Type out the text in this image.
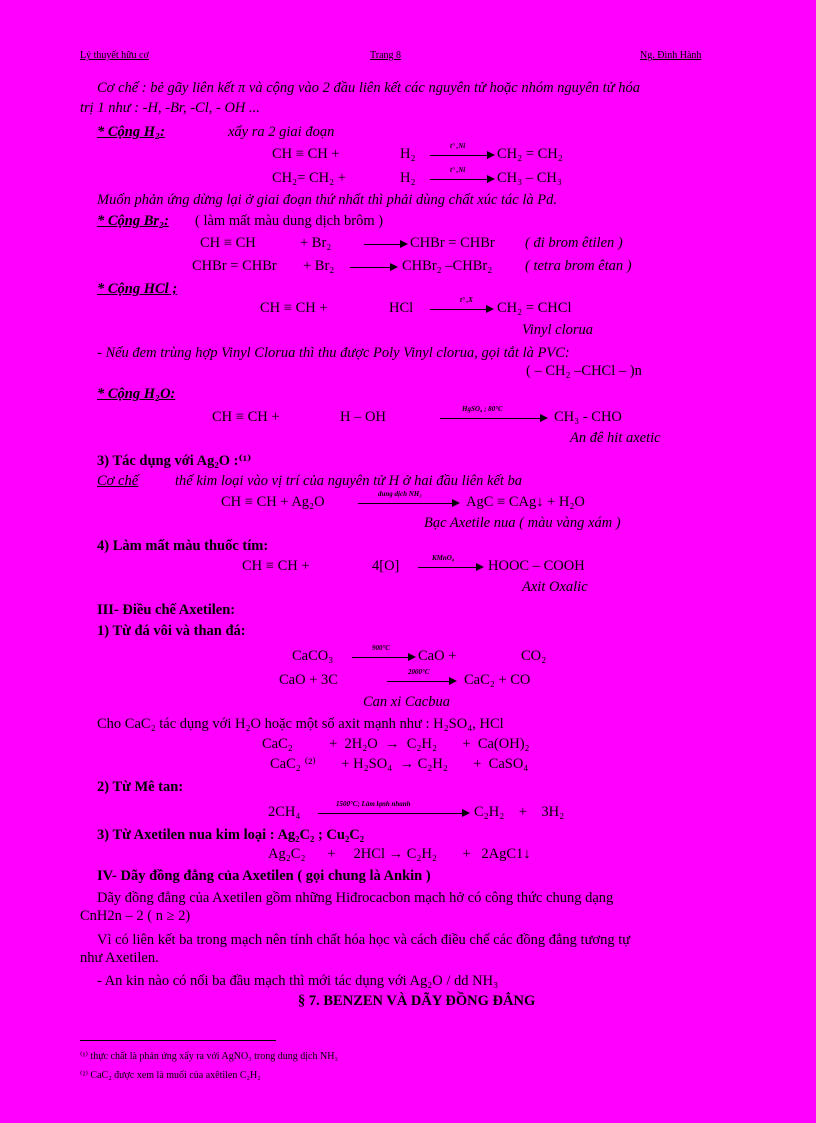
Lý thuyết hữu cơ	Trang 8	Ng. Đình Hành
Cơ chế : bẻ gãy liên kết π và cộng vào 2 đầu liên kết các nguyên tử hoặc nhóm nguyên tử hóa
trị 1 như : -H, -Br, -Cl, - OH ...
* Cộng H₂:	xẩy ra 2 giai đoạn
CH ≡ CH +	H₂	t° ,Ni CH₂ = CH₂
CH₂= CH₂ +	H₂	t° ,Ni CH₃ – CH₃
Muốn phản ứng dừng lại ở giai đoạn thứ nhất thì phải dùng chất xúc tác là Pd.
* Cộng Br₂: ( làm mất màu dung dịch brôm )
CH ≡ CH	+ Br₂	CHBr = CHBr ( đi brom êtilen )
CHBr = CHBr + Br₂	CHBr₂ –CHBr₂ ( tetra brom êtan )
* Cộng HCl ;
CH ≡ CH +	HCl	t° ,X CH₂ = CHCl
Vinyl clorua
- Nếu đem trùng hợp Vinyl Clorua thì thu được Poly Vinyl clorua, gọi tắt là PVC:
( – CH₂ –CHCl – )n
* Cộng H₂O:
CH ≡ CH +	H – OH	HgSO₄ ; 80°C	CH₃ - CHO
An đê hit axetic
3) Tác dụng với Ag₂O :⁽¹⁾
Cơ chế	thế kim loại vào vị trí của nguyên tử H ở hai đầu liên kết ba
CH ≡ CH + Ag₂O	dung dịch NH₃	AgC ≡ CAg↓ + H₂O
Bạc Axetile nua ( màu vàng xám )
4) Làm mất màu thuốc tím:
CH ≡ CH +	4[O]	KMnO₄ HOOC – COOH
Axit Oxalic
III- Điều chế Axetilen:
1) Từ đá vôi và than đá:
CaCO₃	900°C CaO +	CO₂
CaO + 3C	2000°C CaC₂ + CO
Can xi Cacbua
Cho CaC₂ tác dụng với H₂O hoặc một số axit mạnh như : H₂SO₄, HCl
CaC₂          +  2H₂O  →  C₂H₂       +  Ca(OH)₂
CaC₂ ⁽²⁾       + H₂SO₄  → C₂H₂       +  CaSO₄
2) Từ Mê tan:
2CH₄	1500°C; Làm lạnh nhanh	C₂H₂    +    3H₂
3) Từ Axetilen nua kim loại : Ag₂C₂ ; Cu₂C₂
Ag₂C₂      +     2HCl → C₂H₂       +   2AgC1↓
IV- Dãy đồng đẳng của Axetilen ( gọi chung là Ankin )
Dãy đồng đẳng của Axetilen gồm những Hiđrocacbon mạch hở có công thức chung dạng
CnH2n – 2 ( n ≥ 2)
Vì có liên kết ba trong mạch nên tính chất hóa học và cách điều chế các đồng đẳng tương tự
như Axetilen.
- An kin nào có nối ba đầu mạch thì mới tác dụng với Ag₂O / dd NH₃
§ 7. BENZEN VÀ DÃY ĐỒNG ĐẲNG
⁽¹⁾ thực chất là phản ứng xẩy ra với AgNO₃ trong dung dịch NH₃
⁽²⁾ CaC₂ được xem là muối của axêtilen C₂H₂
